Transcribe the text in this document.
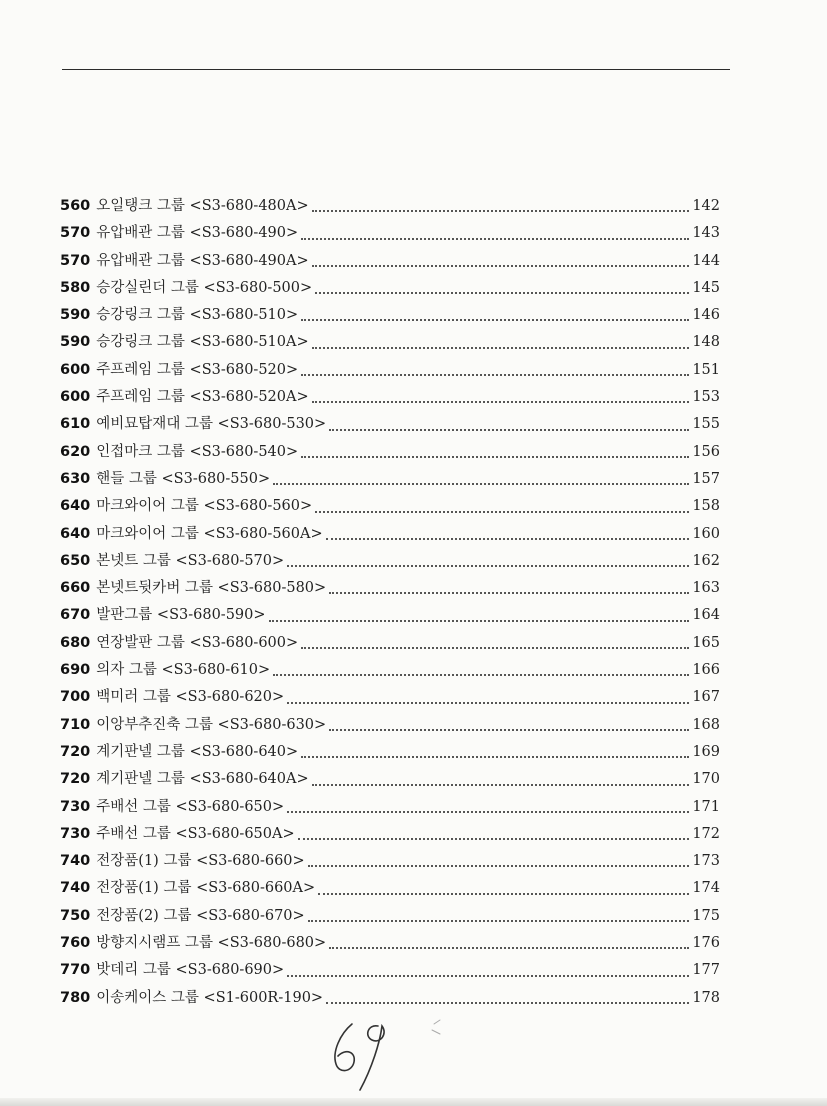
560 오일탱크 그룹 <S3-680-480A>	142
570 유압배관 그룹 <S3-680-490>	143
570 유압배관 그룹 <S3-680-490A>	144
580 승강실린더 그룹 <S3-680-500>	145
590 승강링크 그룹 <S3-680-510>	146
590 승강링크 그룹 <S3-680-510A>	148
600 주프레임 그룹 <S3-680-520>	151
600 주프레임 그룹 <S3-680-520A>	153
610 예비묘탑재대 그룹 <S3-680-530>	155
620 인접마크 그룹 <S3-680-540>	156
630 핸들 그룹 <S3-680-550>	157
640 마크와이어 그룹 <S3-680-560>	158
640 마크와이어 그룹 <S3-680-560A>	160
650 본넷트 그룹 <S3-680-570>	162
660 본넷트뒷카버 그룹 <S3-680-580>	163
670 발판그룹 <S3-680-590>	164
680 연장발판 그룹 <S3-680-600>	165
690 의자 그룹 <S3-680-610>	166
700 백미러 그룹 <S3-680-620>	167
710 이앙부추진축 그룹 <S3-680-630>	168
720 계기판넬 그룹 <S3-680-640>	169
720 계기판넬 그룹 <S3-680-640A>	170
730 주배선 그룹 <S3-680-650>	171
730 주배선 그룹 <S3-680-650A>	172
740 전장품(1) 그룹 <S3-680-660>	173
740 전장품(1) 그룹 <S3-680-660A>	174
750 전장품(2) 그룹 <S3-680-670>	175
760 방향지시램프 그룹 <S3-680-680>	176
770 밧데리 그룹 <S3-680-690>	177
780 이송케이스 그룹 <S1-600R-190>	178
